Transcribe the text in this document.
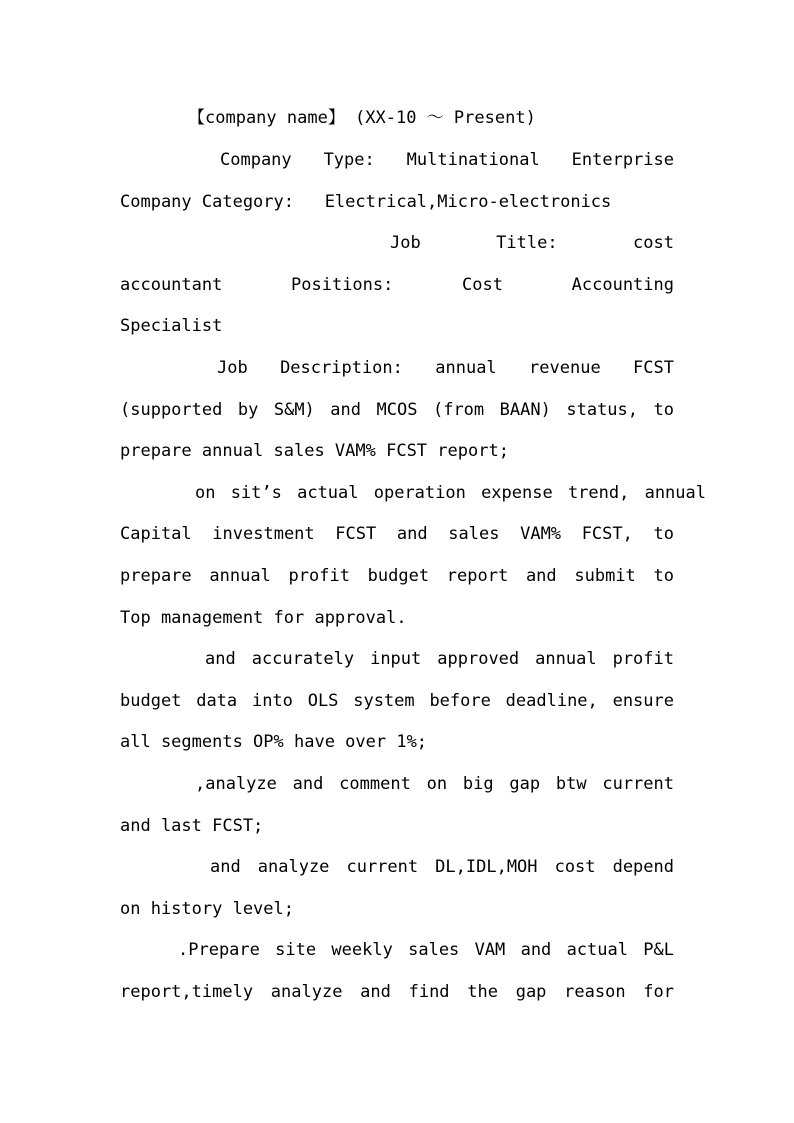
【company name】 (XX-10 ～ Present)
Company Type: Multinational Enterprise
Company Category:   Electrical,Micro-electronics
Job Title: cost
accountant Positions: Cost Accounting
Specialist
Job Description: annual revenue FCST
(supported by S&M) and MCOS (from BAAN) status, to
prepare annual sales VAM% FCST report;
on sit’s actual operation expense trend, annual
Capital investment FCST and sales VAM% FCST, to
prepare annual profit budget report and submit to
Top management for approval.
and accurately input approved annual profit
budget data into OLS system before deadline, ensure
all segments OP% have over 1%;
,analyze and comment on big gap btw current
and last FCST;
and analyze current DL,IDL,MOH cost depend
on history level;
.Prepare site weekly sales VAM and actual P&L
report,timely analyze and find the gap reason for
